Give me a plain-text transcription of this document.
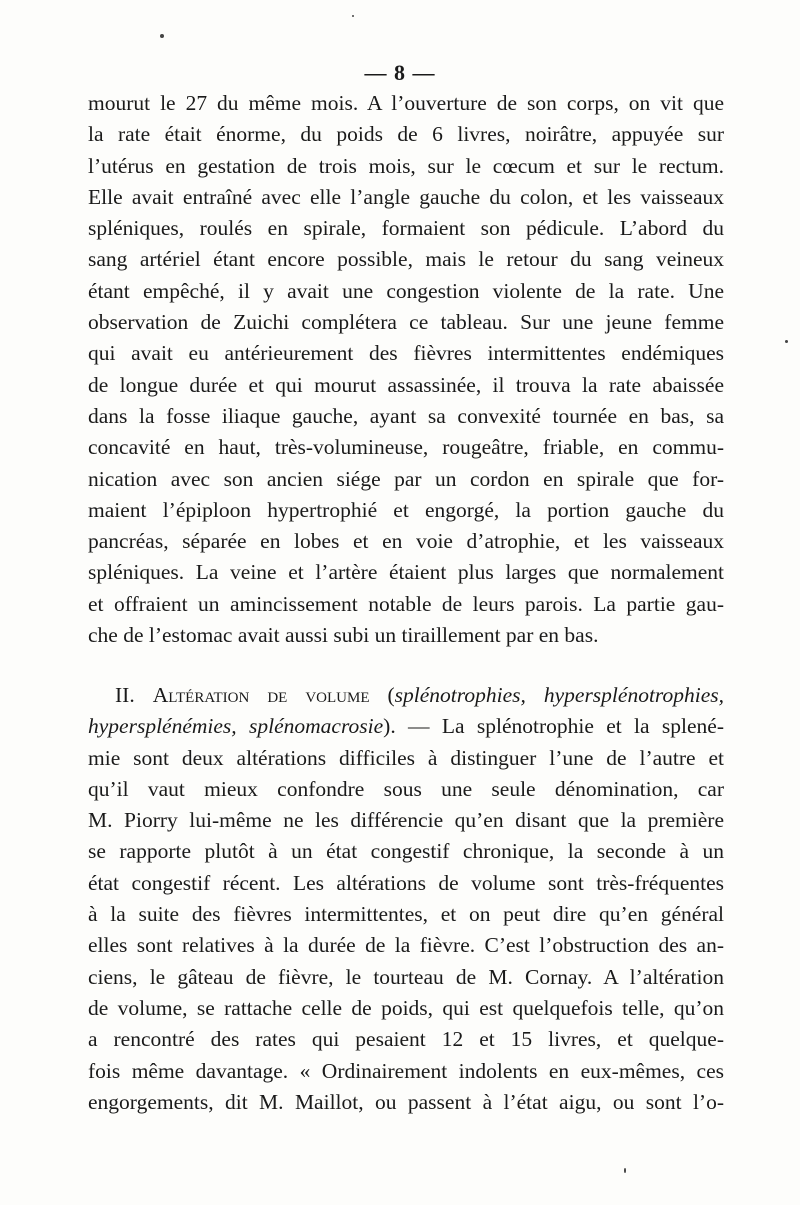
— 8 —
mourut le 27 du même mois. A l’ouverture de son corps, on vit que
la rate était énorme, du poids de 6 livres, noirâtre, appuyée sur
l’utérus en gestation de trois mois, sur le cœcum et sur le rectum.
Elle avait entraîné avec elle l’angle gauche du colon, et les vaisseaux
spléniques, roulés en spirale, formaient son pédicule. L’abord du
sang artériel étant encore possible, mais le retour du sang veineux
étant empêché, il y avait une congestion violente de la rate. Une
observation de Zuichi complétera ce tableau. Sur une jeune femme
qui avait eu antérieurement des fièvres intermittentes endémiques
de longue durée et qui mourut assassinée, il trouva la rate abaissée
dans la fosse iliaque gauche, ayant sa convexité tournée en bas, sa
concavité en haut, très-volumineuse, rougeâtre, friable, en commu-
nication avec son ancien siége par un cordon en spirale que for-
maient l’épiploon hypertrophié et engorgé, la portion gauche du
pancréas, séparée en lobes et en voie d’atrophie, et les vaisseaux
spléniques. La veine et l’artère étaient plus larges que normalement
et offraient un amincissement notable de leurs parois. La partie gau-
che de l’estomac avait aussi subi un tiraillement par en bas.
II. Altération de volume (splénotrophies, hypersplénotrophies,
hypersplénémies, splénomacrosie). — La splénotrophie et la splené-
mie sont deux altérations difficiles à distinguer l’une de l’autre et
qu’il vaut mieux confondre sous une seule dénomination, car
M. Piorry lui-même ne les différencie qu’en disant que la première
se rapporte plutôt à un état congestif chronique, la seconde à un
état congestif récent. Les altérations de volume sont très-fréquentes
à la suite des fièvres intermittentes, et on peut dire qu’en général
elles sont relatives à la durée de la fièvre. C’est l’obstruction des an-
ciens, le gâteau de fièvre, le tourteau de M. Cornay. A l’altération
de volume, se rattache celle de poids, qui est quelquefois telle, qu’on
a rencontré des rates qui pesaient 12 et 15 livres, et quelque-
fois même davantage. « Ordinairement indolents en eux-mêmes, ces
engorgements, dit M. Maillot, ou passent à l’état aigu, ou sont l’o-
